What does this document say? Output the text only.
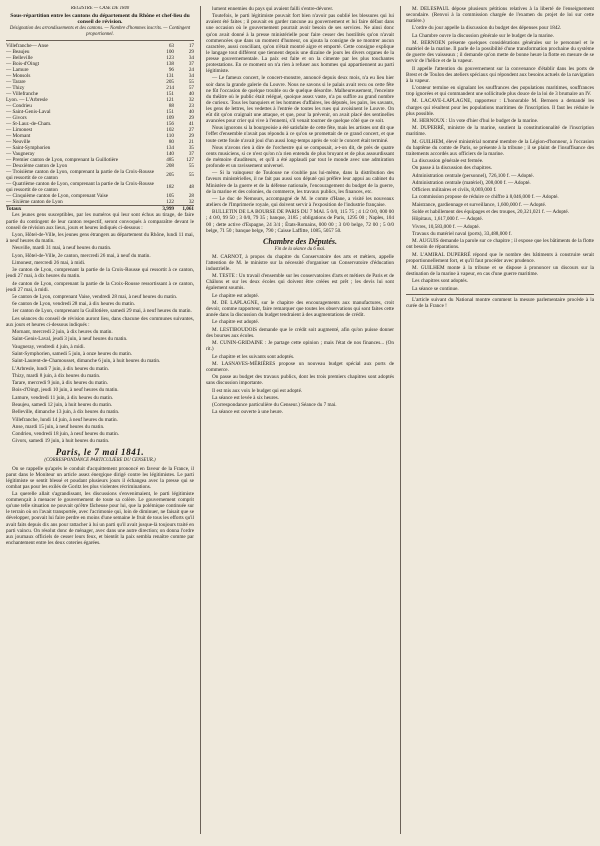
REGISTRE — CASE DE 1840
Sous-répartition entre les cantons du département du Rhône et chef-lieu du conseil de révision.
Désignation des arrondissements et des cantons. — Nombre d'hommes inscrits. — Contingent proportionnel.
Villefranche— Anse	63	17
— Beaujeu	100	29
— Belleville	123	34
— Bois-d'Oingt	138	37
— Lamure	96	24
— Monsols	131	34
— Tarare	205	55
— Thizy	214	57
— Villefranche	151	40
Lyon. — L'Arbresle	121	32
— Condrieu	88	23
— Saint-Genis-Laval	151	40
— Givors	109	29
— St-Laur.-de-Cham.	156	41
— Limonest	102	27
— Mornant	110	29
— Neuville	80	21
— Saint-Symphorien	134	35
— Vaugneray	140	37
— Premier canton de Lyon, comprenant la Guillotière	485	127
— Deuxième canton de Lyon	208	55
— Troisième canton de Lyon, comprenant la partie de la Croix-Rousse qui ressortit de ce canton	205	55
— Quatrième canton de Lyon, comprenant la partie de la Croix-Rousse qui ressortit de ce canton	182	48
— Cinquième canton de Lyon, comprenant Vaise	105	28
— Sixième canton de Lyon	122	32
Totaux	3,999	1,061

Les jeunes gens susceptibles, par les numéros qui leur sont échus au tirage, de faire partie du contingent de leur canton respectif, seront convoqués à comparaître devant le conseil de révision aux lieux, jours et heures indiqués ci-dessous :

Lyon, Hôtel-de-Ville, les jeunes gens étrangers au département du Rhône, lundi 11 mai, à neuf heures du matin.

Neuville, mardi 31 mai, à neuf heures du matin.

Lyon, Hôtel-de-Ville, 2e canton, mercredi 26 mai, à neuf du matin.

Limonest, mercredi 26 mai, à midi.

3e canton de Lyon, comprenant la partie de la Croix-Rousse qui ressortit à ce canton, jeudi 27 mai, à dix heures du matin.

4e canton de Lyon, comprenant la partie de la Croix-Rousse ressortissant à ce canton, jeudi 27 mai, à midi.

5e canton de Lyon, comprenant Vaise, vendredi 28 mai, à neuf heures du matin.

6e canton de Lyon, vendredi 28 mai, à dix heures du matin.

1er canton de Lyon, comprenant la Guillotière, samedi 29 mai, à neuf heures du matin.

Les séances du conseil de révision auront lieu, dans chacune des communes suivantes, aux jours et heures ci-dessous indiqués :

Mornant, mercredi 2 juin, à dix heures du matin.

Saint-Genis-Laval, jeudi 3 juin, à neuf heures du matin.

Vaugneray, vendredi 4 juin, à midi.

Saint-Symphorien, samedi 5 juin, à onze heures du matin.

Saint-Laurent-de-Chamousset, dimanche 6 juin, à huit heures du matin.

L'Arbresle, lundi 7 juin, à dix heures du matin.

Thizy, mardi 8 juin, à dix heures du matin.

Tarare, mercredi 9 juin, à dix heures du matin.

Bois-d'Oingt, jeudi 10 juin, à neuf heures du matin.

Lamure, vendredi 11 juin, à dix heures du matin.

Beaujeu, samedi 12 juin, à huit heures du matin.

Belleville, dimanche 13 juin, à dix heures du matin.

Villefranche, lundi 14 juin, à neuf heures du matin.

Anse, mardi 15 juin, à neuf heures du matin.

Condrieu, vendredi 18 juin, à neuf heures du matin.

Givors, samedi 19 juin, à huit heures du matin.

Paris, le 7 mai 1841.
(CORRESPONDANCE PARTICULIÈRE DU CENSEUR.)

On se rappelle qu'après le conduit d'acquittement prononcé en faveur de la France, il parut dans le Moniteur un article assez énergique dirigé contre les légitimistes. Le parti légitimiste se sentit blessé et poudant plusieurs jours il échangea avec la presse qui se combat pas pour les exilés de Goritz les plus violentes récriminations.

La querelle allait s'agrandissant, les discussions s'envenimaient, le parti légitimiste commençait à menacer le gouvernement de toute sa colère. Le gouvernement comprit qu'une telle situation ne pouvait qu'être fâcheuse pour lui, que la polémique continuée sur le terrain où on l'avait transportée, avec l'acrimonie qui, loin de diminuer, ne faisait que se développer, pouvait lui faire perdre en moins d'une semaine le fruit de tous les efforts qu'il avait faits depuis dix ans pour rattacher à lui un parti qu'il avait jusque-là toujours traité en parti vaincu. On résolut donc de ménager, avec dans une autre direction; on donna l'ordre aux journaux officiels de cesser leurs feux, et bientôt la paix sembla renaître comme par enchantement entre les deux coteries égarées.

lument ennemies du pays qui avaient failli s'entre-dévorer.

Toutefois, le parti légitimiste pouvait fort bien n'avoir pas oublié les blessures qui lui avaient été faites ; il pouvait en garder rancune au gouvernement et lui faire défaut dans une occasion où le gouvernement pourrait avoir besoin de ses services. Ne ainsi donc qu'on avait donné à la presse ministérielle pour faire cesser des hostilités qu'on n'avait commencées que dans un moment d'humeur, on ajouta la consigne de ne montrer aucun caractère, aussi conciliant, qu'on n'était montré aigre et emporté. Cette consigne explique le langage tout différent que tiennent depuis une dizaine de jours les divers organes de la presse gouvernementale. La paix est faite et on la cimente par les plus touchantes protestations. En ce moment on n'a rien à refuser aux hommes qui appartiennent au parti légitimiste.

— Le fameux concert, le concert-monstre, annoncé depuis deux mois, n'a eu lieu hier soir dans la grande galerie du Louvre. Nous ne savons si le palais avait recu ou cette fête ne fût l'occasion de quelque trouble ou de quelque désordre. Malheureusement, l'enceinte du théâtre où le public était relégué, quoique assez vaste, n'a pu suffire au grand nombre de curieux. Tous les banquiers et les hommes d'affaires, les députés, les pairs, les savants, les gens de lettres, les vedettes à l'entrée de toutes les rues qui avoisinent le Louvre. On eût dit qu'on craignait une attaque, et que, pour la prévenir, on avait placé des sentinelles avancées pour crier qui vive à l'ennemi, s'il venait tourner de quelque côté que ce soit.

Nous ignorons si la bourgeoisie a été satisfaite de cette fête, mais les artistes ont dit que l'effet d'ensemble n'avait pas répondu à ce qu'on se promettait de ce grand concert, et que toute cette foule n'avait joui d'un aussi long-temps après de voir le concert était terminé.

Nous n'avons rien à dire de l'orchestre qui se composait, a-t-on dit, de près de quatre cents musiciens, si ce n'est qu'on n'a rien entendu de plus bruyant et de plus assourdissant de mémoire d'auditeurs, et qu'il a été applaudi par tout le monde avec une admiration profonde et un ravissement universel.

— Si la vainqueur de Toulouse ne s'oublie pas lui-même, dans la distribution des faveurs ministérielles, il ne fait pas aussi son député qui préfère leur appui au cabinet du Ministère de la guerre et de la défense nationale, l'encouragement du budget de la guerre, de la marine et des colonies, du commerce, les travaux publics, les finances, etc.

— Le duc de Nemours, accompagné de M. le comte d'Hane, a visité les nouveaux ateliers de l'Imprimerie royale, qui doivent servir à l'exposition de l'industrie française.

BULLETIN DE LA BOURSE DE PARIS DU 7 MAI. 5 0/0, 115 75 ; 4 1/2 0/0, 000 00 ; 4 0/0, 99 50 ; 3 0/0, 79 35 ; banque, 3185 ; obligations de Paris, 1295 00 ; Naples, 104 00 ; dette active d'Espagne, 24 3/4 ; États-Romains, 000 00 ; 3 0/0 belge, 72 00 ; 5 0/0 belge, 71 50 ; banque belge, 790 ; Caisse Laffitte, 1085, 5057 50.

Chambre des Députés.
Fin de la séance du 6 mai.

M. CARNOT, à propos du chapitre du Conservatoire des arts et métiers, appelle l'attention de M. le ministre sur la nécessité d'organiser un Conservatoire d'éducation industrielle.

M. TESTE : Un travail d'ensemble sur les conservatoires d'arts et métiers de Paris et de Châlons et sur les deux écoles qui doivent être créées est prêt ; les devis lui sont également soumis.

Le chapitre est adopté.

M. DE LAPLAGNE, sur le chapitre des encouragements aux manufactures, croit devoir, comme rapporteur, faire remarquer que toutes les observations qui sont faites cette année dans la discussion du budget tendraient à des augmentations de crédit.

Le chapitre est adopté.

M. LESTIBOUDOIS demande que le crédit soit augmenté, afin qu'on puisse donner des bourses aux écoles.

M. CUNIN-GRIDAINE : Je partage cette opinion ; mais l'état de nos finances... (On rit.)

Le chapitre et les suivants sont adoptés.

M. LASNAVES-MÉRIÈRES propose un nouveau budget spécial aux ports de commerce.

On passe au budget des travaux publics, dont les trois premiers chapitres sont adoptés sans discussion importante.

Il est mis aux voix le budget qui est adopté.

La séance est levée à six heures.

(Correspondance particulière du Censeur.) Séance du 7 mai.

La séance est ouverte à une heure.

M. DELESPAUL dépose plusieurs pétitions relatives à la liberté de l'enseignement secondaire. (Renvoi à la commission chargée de l'examen du projet de loi sur cette matière.)

L'ordre du jour appelle la discussion du budget des dépenses pour 1842.

La Chambre ouvre la discussion générale sur le budget de la marine.

M. BERNOEN présente quelques considérations générales sur le personnel et le matériel de la marine. Il parle de la possibilité d'une transformation prochaine du système de guerre des vaisseaux ; il demande qu'on mette de bonne heure la flotte en mesure de se servir de l'hélice et de la vapeur.

Il appelle l'attention du gouvernement sur la convenance d'établir dans les ports de Brest et de Toulon des ateliers spéciaux qui répondent aux besoins actuels de la navigation à la vapeur.

L'orateur termine en signalant les souffrances des populations maritimes, souffrances trop ignorées et qui commandent une sollicitude plus douce de la loi de 3 brumaire an IV.

M. LACAVE-LAPLAGNE, rapporteur : L'honorable M. Bernoen a demandé les charges qui résultent pour les populations maritimes de l'inscription. Il faut les réduire le plus possible.

M. HERNOUX : Un vote d'hier d'hui le budget de la marine.

M. DUPERRÉ, ministre de la marine, soutient la constitutionnalité de l'inscription maritime.

M. GUILHEM, élevé ministérial nommé membre de la Légion-d'honneur, à l'occasion du baptême du comte de Paris, se présente à la tribune ; il se plaint de l'insuffisance des traitements accordés aux officiers de la marine.

La discussion générale est fermée.

On passe à la discussion des chapitres.

Administration centrale (personnel), 726,100 f. — Adopté.

Administration centrale (matériel), 208,000 f. — Adopté.

Officiers militaires et civils, 8,069,000 f.

La commission propose de réduire ce chiffre à 8,046,000 f. — Adopté.

Maistrance, gardiennage et surveillance, 1,600,000 f. — Adopté.

Solde et habillement des équipages et des troupes, 20,321,021 f. — Adopté.

Hôpitaux, 1,617,000 f. — Adopté.

Vivres, 10,583,000 f. — Adopté.

Travaux du matériel naval (ports), 33,488,000 f.

M. AUGUIS demande la parole sur ce chapitre ; il expose que les bâtiments de la flotte ont besoin de réparations.

M. L'AMIRAL DUPERRÉ répond que le nombre des bâtiments à construire serait proportionnellement fort, et qu'il faut procéder avec prudence.

M. GUILHEM monte à la tribune et se dispose à prononcer un discours sur la destination de la marine à vapeur, en cas d'une guerre maritime.

Les chapitres sont adoptés.

La séance se continue.

L'article suivant du National montre comment la mesure parlementaire procède à la curée de la France !
